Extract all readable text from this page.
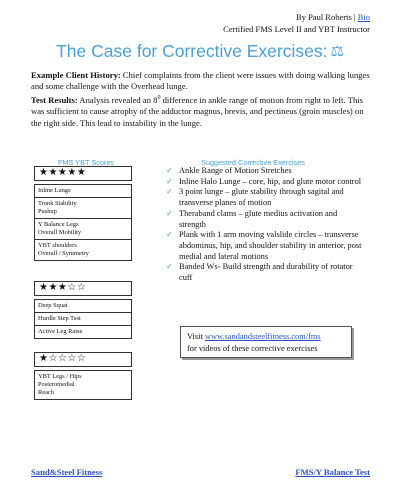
By Paul Roberts | Bio
Certified FMS Level II and YBT Instructor
The Case for Corrective Exercises: ⚖
Example Client History: Chief complaints from the client were issues with doing walking lunges and some challenge with the Overhead lunge.
Test Results: Analysis revealed an $8^0$ difference in ankle range of motion from right to left. This was sufficient to cause atrophy of the adductor magnus, brevis, and pectineus (groin muscles) on the right side. This lead to instability in the lunge.
FMS YBT Scores
★★★★★
Inline Lunge
Trunk Stability
Pushup
Y Balance Legs
Overall Mobility
YBT shoulders
Overall / Symmetry
★★★☆☆
Deep Squat
Hurdle Step Test
Active Leg Raise
★☆☆☆☆
YBT Legs / Hips
Posteromedial
Reach
Suggested Corrective Exercises
✓ Ankle Range of Motion Stretches
✓ Inline Halo Lunge – core, hip, and glute motor control
✓ 3 point lunge – glute stability through sagital and transverse planes of motion
✓ Theraband clams – glute medius activation and strength
✓ Plank with 1 arm moving valslide circles – transverse abdominus, hip, and shoulder stability in anterior, post medial and lateral motions
✓ Banded Ws- Build strength and durability of rotator cuff
Visit www.sandandsteelfitness.com/fms
for videos of these corrective exercises
Sand&Steel Fitness	FMS/Y Balance Test
